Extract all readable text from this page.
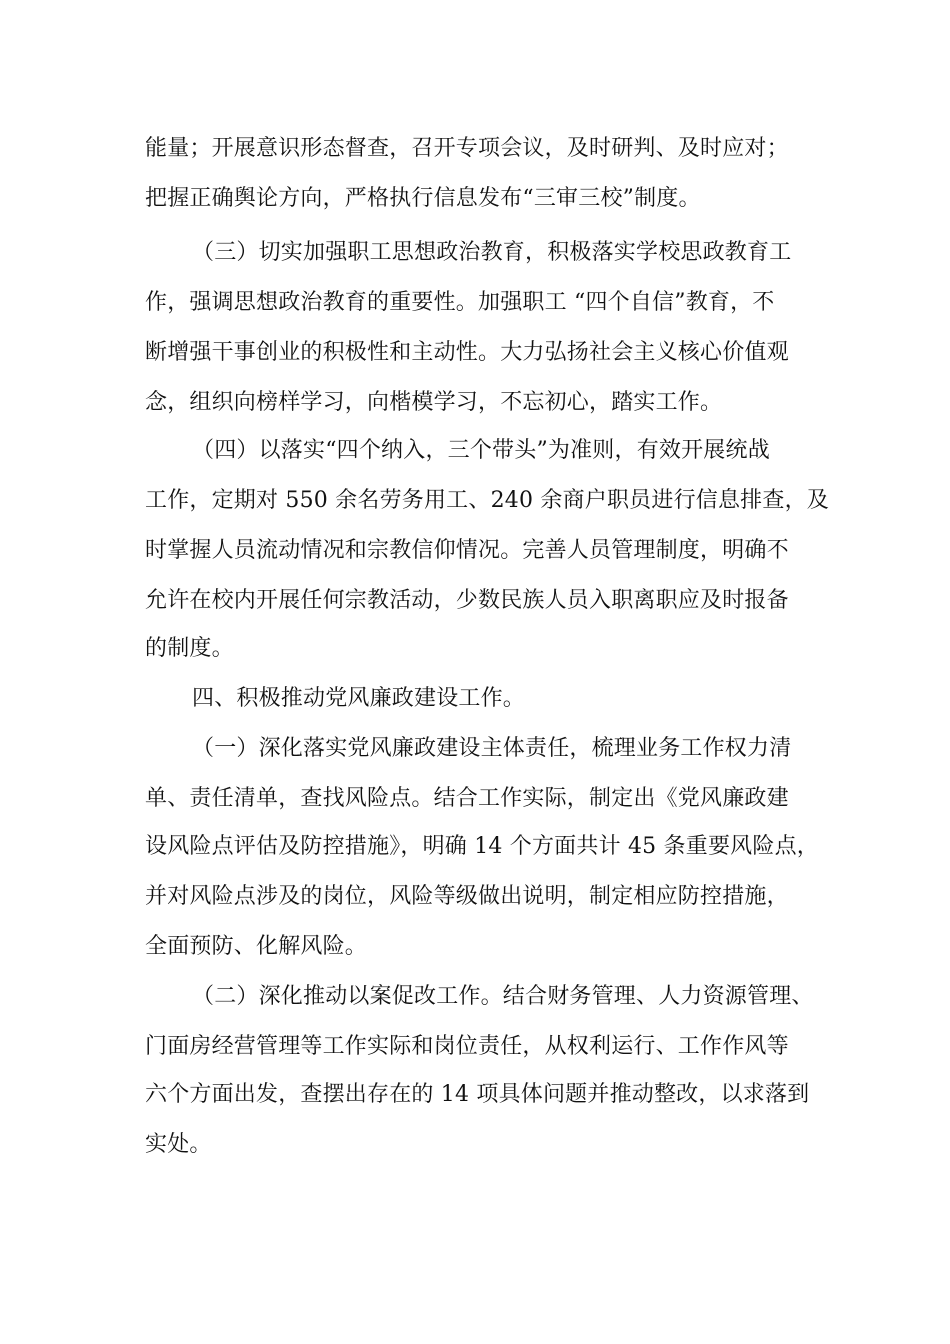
能量；开展意识形态督查，召开专项会议，及时研判、及时应对；

把握正确舆论方向，严格执行信息发布“三审三校”制度。

（三）切实加强职工思想政治教育，积极落实学校思政教育工

作，强调思想政治教育的重要性。加强职工 “四个自信”教育，不

断增强干事创业的积极性和主动性。大力弘扬社会主义核心价值观

念，组织向榜样学习，向楷模学习，不忘初心，踏实工作。

（四）以落实“四个纳入，三个带头”为准则，有效开展统战

工作，定期对 550 余名劳务用工、240 余商户职员进行信息排查，及

时掌握人员流动情况和宗教信仰情况。完善人员管理制度，明确不

允许在校内开展任何宗教活动，少数民族人员入职离职应及时报备

的制度。

四、积极推动党风廉政建设工作。

（一）深化落实党风廉政建设主体责任，梳理业务工作权力清

单、责任清单，查找风险点。结合工作实际，制定出《党风廉政建

设风险点评估及防控措施》，明确 14 个方面共计 45 条重要风险点，

并对风险点涉及的岗位，风险等级做出说明，制定相应防控措施，

全面预防、化解风险。

（二）深化推动以案促改工作。结合财务管理、人力资源管理、

门面房经营管理等工作实际和岗位责任，从权利运行、工作作风等

六个方面出发，查摆出存在的 14 项具体问题并推动整改，以求落到

实处。
